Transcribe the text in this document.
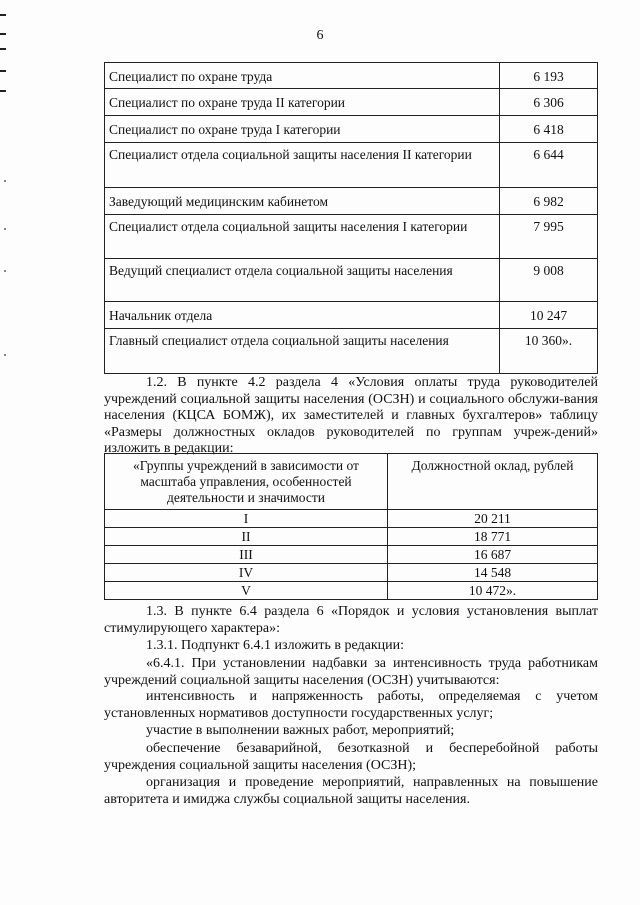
6
Специалист по охране труда	6 193
Специалист по охране труда II категории	6 306
Специалист по охране труда I категории	6 418
Специалист отдела социальной защиты населения II категории	6 644
Заведующий медицинским кабинетом	6 982
Специалист отдела социальной защиты населения I категории	7 995
Ведущий специалист отдела социальной защиты населения	9 008
Начальник отдела	10 247
Главный специалист отдела социальной защиты населения	10 360».
1.2. В пункте 4.2 раздела 4 «Условия оплаты труда руководителей учреждений социальной защиты населения (ОСЗН) и социального обслужи-вания населения (КЦСА БОМЖ), их заместителей и главных бухгалтеров» таблицу «Размеры должностных окладов руководителей по группам учреж-дений» изложить в редакции:
«Группы учреждений в зависимости от масштаба управления, особенностей деятельности и значимости	Должностной оклад, рублей
I	20 211
II	18 771
III	16 687
IV	14 548
V	10 472».
1.3. В пункте 6.4 раздела 6 «Порядок и условия установления выплат стимулирующего характера»:
1.3.1. Подпункт 6.4.1 изложить в редакции:
«6.4.1. При установлении надбавки за интенсивность труда работникам учреждений социальной защиты населения (ОСЗН) учитываются:
интенсивность и напряженность работы, определяемая с учетом установленных нормативов доступности государственных услуг;
участие в выполнении важных работ, мероприятий;
обеспечение безаварийной, безотказной и бесперебойной работы учреждения социальной защиты населения (ОСЗН);
организация и проведение мероприятий, направленных на повышение авторитета и имиджа службы социальной защиты населения.
